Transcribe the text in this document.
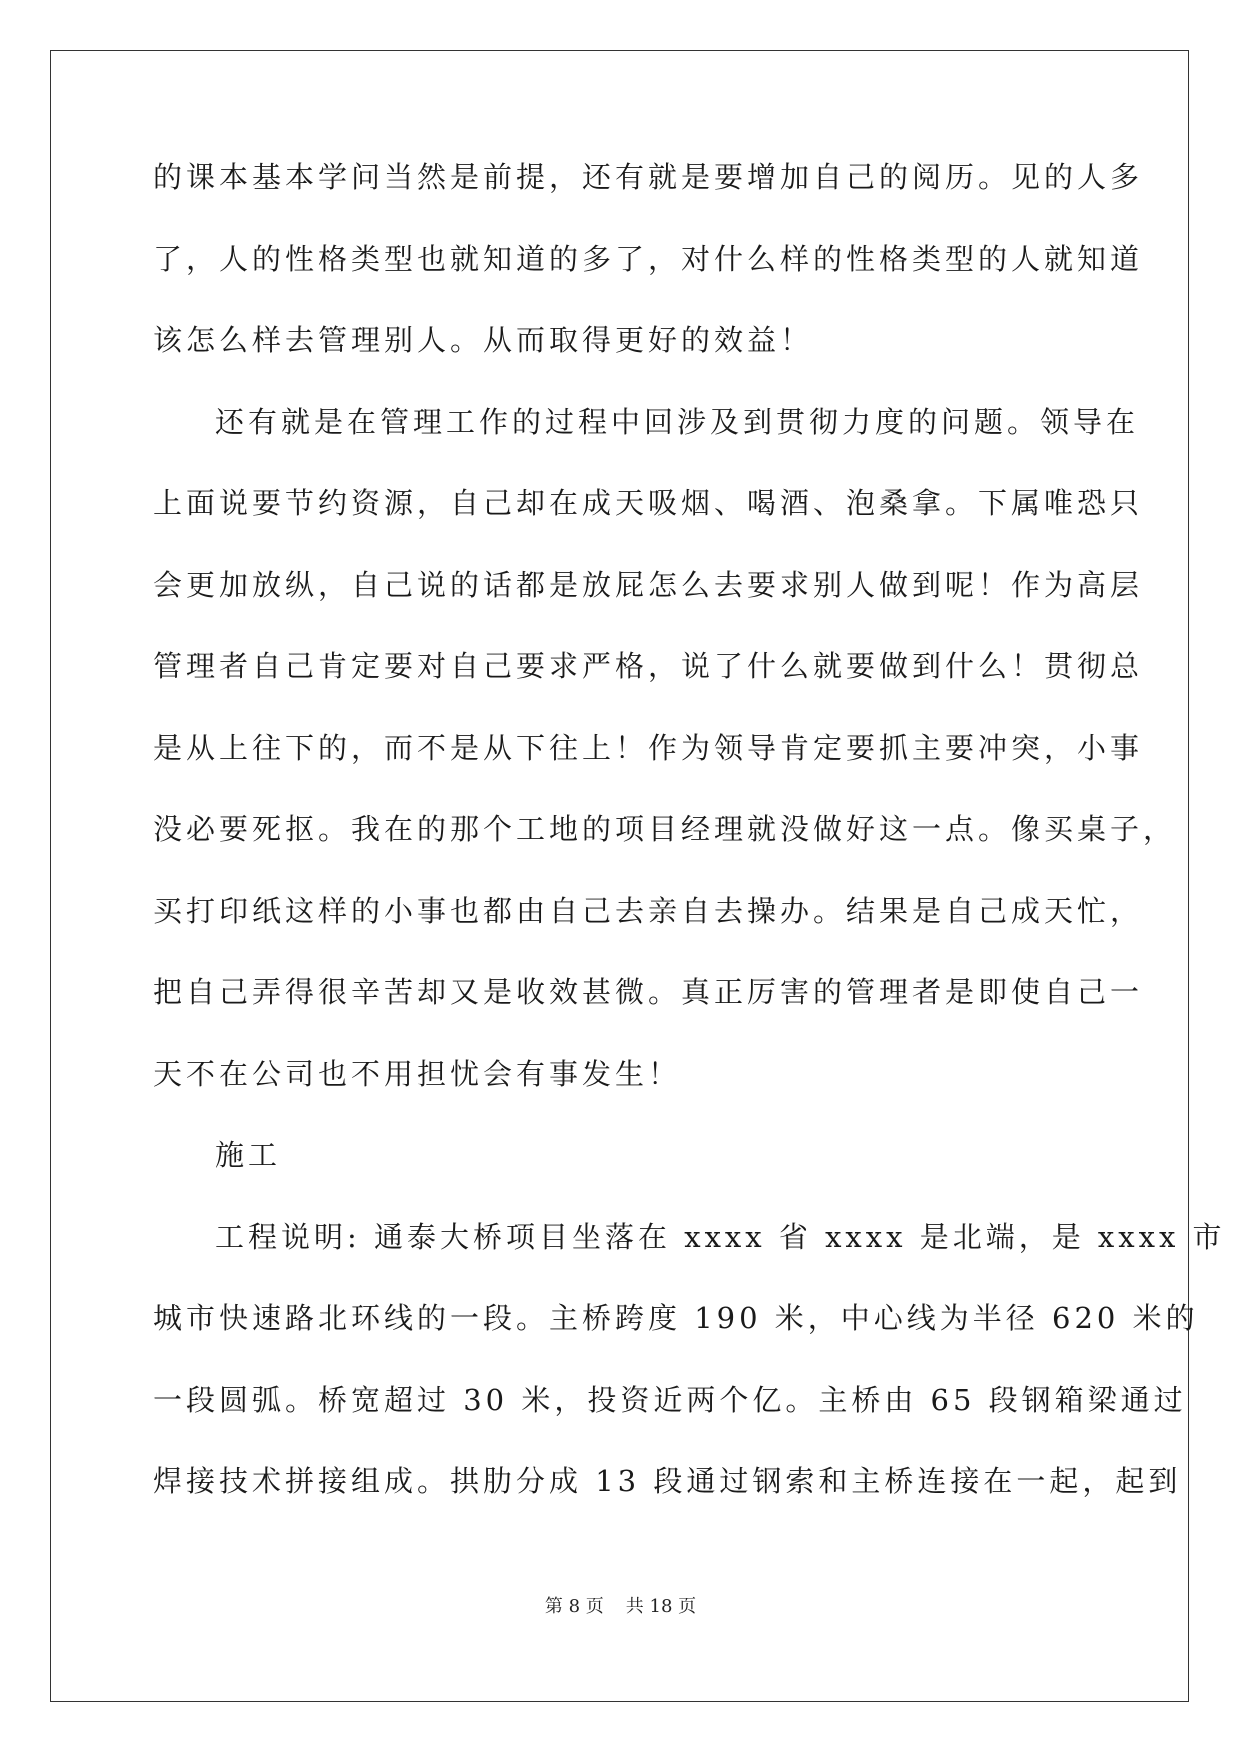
的课本基本学问当然是前提，还有就是要增加自己的阅历。见的人多
了，人的性格类型也就知道的多了，对什么样的性格类型的人就知道
该怎么样去管理别人。从而取得更好的效益！
还有就是在管理工作的过程中回涉及到贯彻力度的问题。领导在
上面说要节约资源，自己却在成天吸烟、喝酒、泡桑拿。下属唯恐只
会更加放纵，自己说的话都是放屁怎么去要求别人做到呢！作为高层
管理者自己肯定要对自己要求严格，说了什么就要做到什么！贯彻总
是从上往下的，而不是从下往上！作为领导肯定要抓主要冲突，小事
没必要死抠。我在的那个工地的项目经理就没做好这一点。像买桌子，
买打印纸这样的小事也都由自己去亲自去操办。结果是自己成天忙，
把自己弄得很辛苦却又是收效甚微。真正厉害的管理者是即使自己一
天不在公司也不用担忧会有事发生！
施工
工程说明: 通泰大桥项目坐落在 xxxx 省 xxxx 是北端，是 xxxx 市
城市快速路北环线的一段。主桥跨度 190 米，中心线为半径 620 米的
一段圆弧。桥宽超过 30 米，投资近两个亿。主桥由 65 段钢箱梁通过
焊接技术拼接组成。拱肋分成 13 段通过钢索和主桥连接在一起，起到
第 8 页 共 18 页
